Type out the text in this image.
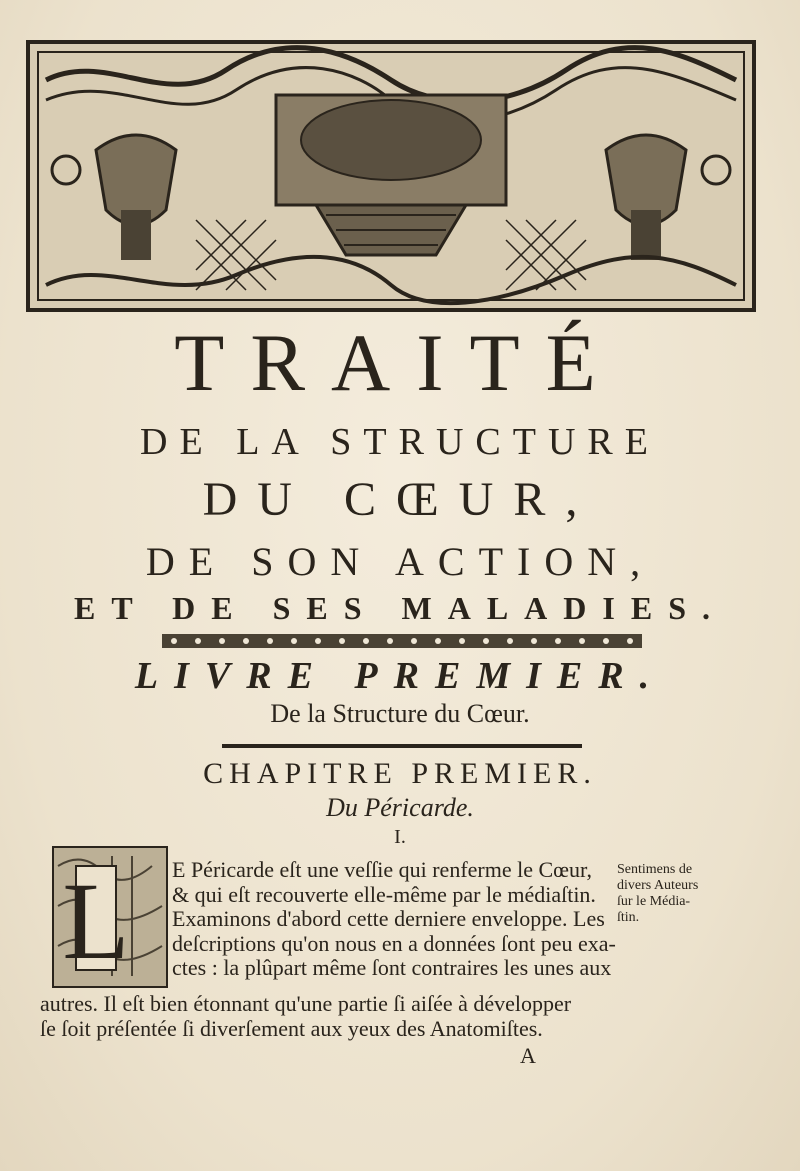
TRAITÉ
DE LA STRUCTURE
DU CŒUR,
DE SON ACTION,
ET DE SES MALADIES.
LIVRE PREMIER.
De la Structure du Cœur.
CHAPITRE PREMIER.
Du Péricarde.
I.
L E Péricarde eſt une veſſie qui renferme le Cœur,
& qui eſt recouverte elle-même par le médiaſtin.
Examinons d'abord cette derniere enveloppe. Les
deſcriptions qu'on nous en a données ſont peu exa-
ctes : la plûpart même ſont contraires les unes aux
autres. Il eſt bien étonnant qu'une partie ſi aiſée à développer
ſe ſoit préſentée ſi diverſement aux yeux des Anatomiſtes.
Sentimens de
divers Auteurs
ſur le Média-
ſtin.
A
